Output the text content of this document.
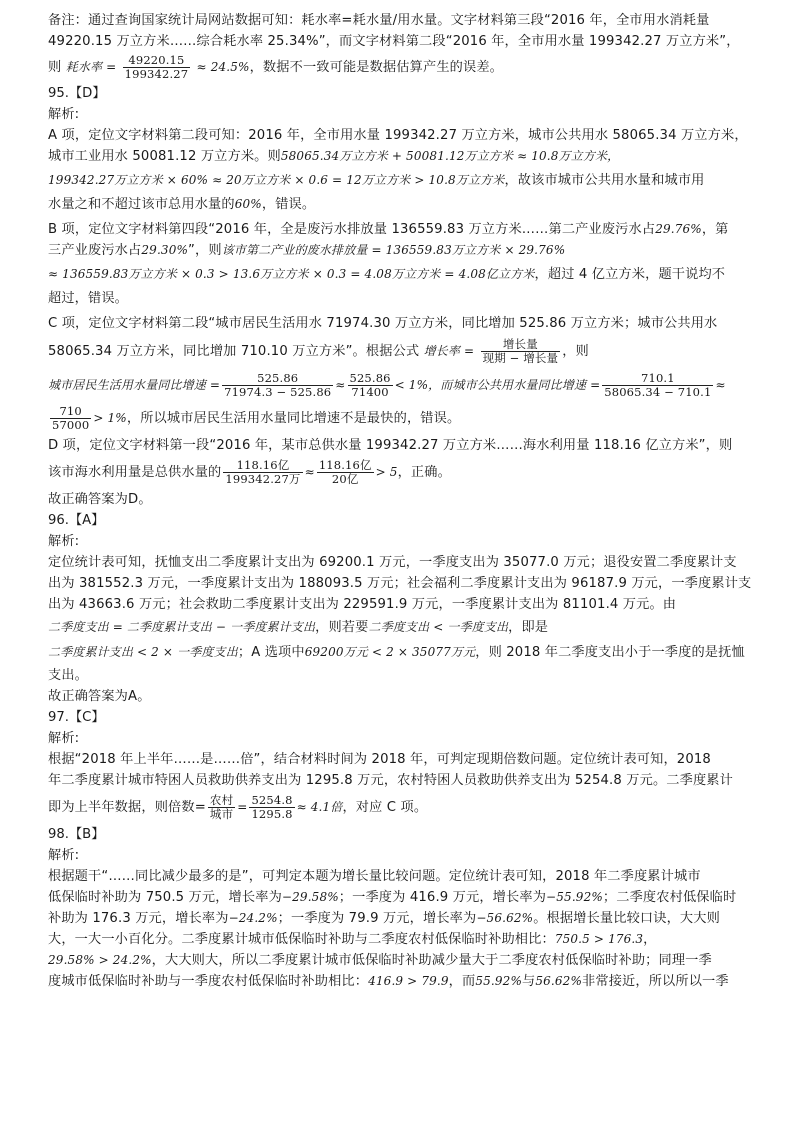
备注：通过查询国家统计局网站数据可知：耗水率=耗水量/用水量。文字材料第三段“2016 年，全市用水消耗量

49220.15 万立方米……综合耗水率 25.34%”，而文字材料第二段“2016 年，全市用水量 199342.27 万立方米”，

则 耗水率 = $\frac{49220.15}{199342.27} \approx 24.5\%$，数据不一致可能是数据估算产生的误差。

95.【D】

解析:

A 项，定位文字材料第二段可知：2016 年，全市用水量 199342.27 万立方米，城市公共用水 58065.34 万立方米，

城市工业用水 50081.12 万立方米。则58065.34万立方米 + 50081.12万立方米 ≈ 10.8万立方米，

199342.27万立方米 × 60% ≈ 20万立方米 × 0.6 = 12万立方米 > 10.8万立方米，故该市城市公共用水量和城市用

水量之和不超过该市总用水量的60%，错误。

B 项，定位文字材料第四段“2016 年，全是废污水排放量 136559.83 万立方米……第二产业废污水占29.76%，第

三产业废污水占29.30%”，则该市第二产业的废水排放量 = 136559.83万立方米 × 29.76%

≈ 136559.83万立方米 × 0.3 > 13.6万立方米 × 0.3 = 4.08万立方米 = 4.08亿立方米，超过 4 亿立方米，题干说均不

超过，错误。

C 项，定位文字材料第二段“城市居民生活用水 71974.30 万立方米，同比增加 525.86 万立方米；城市公共用水

58065.34 万立方米，同比增加 710.10 万立方米”。根据公式 增长率 =
增长量
现期 − 增长量 ，则

城市居民生活用水量同比增速 = $\frac{525.86}{71974.3 - 525.86} \approx \frac{525.86}{71400} < 1\%$，而城市公共用水量同比增速 = $\frac{710.1}{58065.34 - 710.1}$ ≈

$\frac{710}{57000} > 1\%$，所以城市居民生活用水量同比增速不是最快的，错误。

D 项，定位文字材料第一段“2016 年，某市总供水量 199342.27 万立方米……海水利用量 118.16 亿立方米”，则

该市海水利用量是总供水量的
118.16亿
199342.27万 ≈
118.16亿
20亿	> 5，正确。

故正确答案为D。

96.【A】

解析:

定位统计表可知，抚恤支出二季度累计支出为 69200.1 万元，一季度支出为 35077.0 万元；退役安置二季度累计支

出为 381552.3 万元，一季度累计支出为 188093.5 万元；社会福利二季度累计支出为 96187.9 万元，一季度累计支

出为 43663.6 万元；社会救助二季度累计支出为 229591.9 万元，一季度累计支出为 81101.4 万元。由

二季度支出 = 二季度累计支出 − 一季度累计支出，则若要二季度支出 < 一季度支出，即是

二季度累计支出 < 2 × 一季度支出；A 选项中69200万元 < 2 × 35077万元，则 2018 年二季度支出小于一季度的是抚恤

支出。

故正确答案为A。

97.【C】

解析:

根据“2018 年上半年……是……倍”，结合材料时间为 2018 年，可判定现期倍数问题。定位统计表可知，2018

年二季度累计城市特困人员救助供养支出为 1295.8 万元，农村特困人员救助供养支出为 5254.8 万元。二季度累计

即为上半年数据，则倍数=
农村
城市 = $\frac{5254.8}{1295.8} \approx 4.1$倍，对应 C 项。

98.【B】

解析:

根据题干“……同比减少最多的是”，可判定本题为增长量比较问题。定位统计表可知，2018 年二季度累计城市

低保临时补助为 750.5 万元，增长率为−29.58%；一季度为 416.9 万元，增长率为−55.92%；二季度农村低保临时

补助为 176.3 万元，增长率为−24.2%；一季度为 79.9 万元，增长率为−56.62%。根据增长量比较口诀，大大则

大，一大一小百化分。二季度累计城市低保临时补助与二季度农村低保临时补助相比：750.5 > 176.3，

29.58% > 24.2%，大大则大，所以二季度累计城市低保临时补助减少量大于二季度农村低保临时补助；同理一季

度城市低保临时补助与一季度农村低保临时补助相比：416.9 > 79.9，而55.92%与56.62%非常接近，所以所以一季
